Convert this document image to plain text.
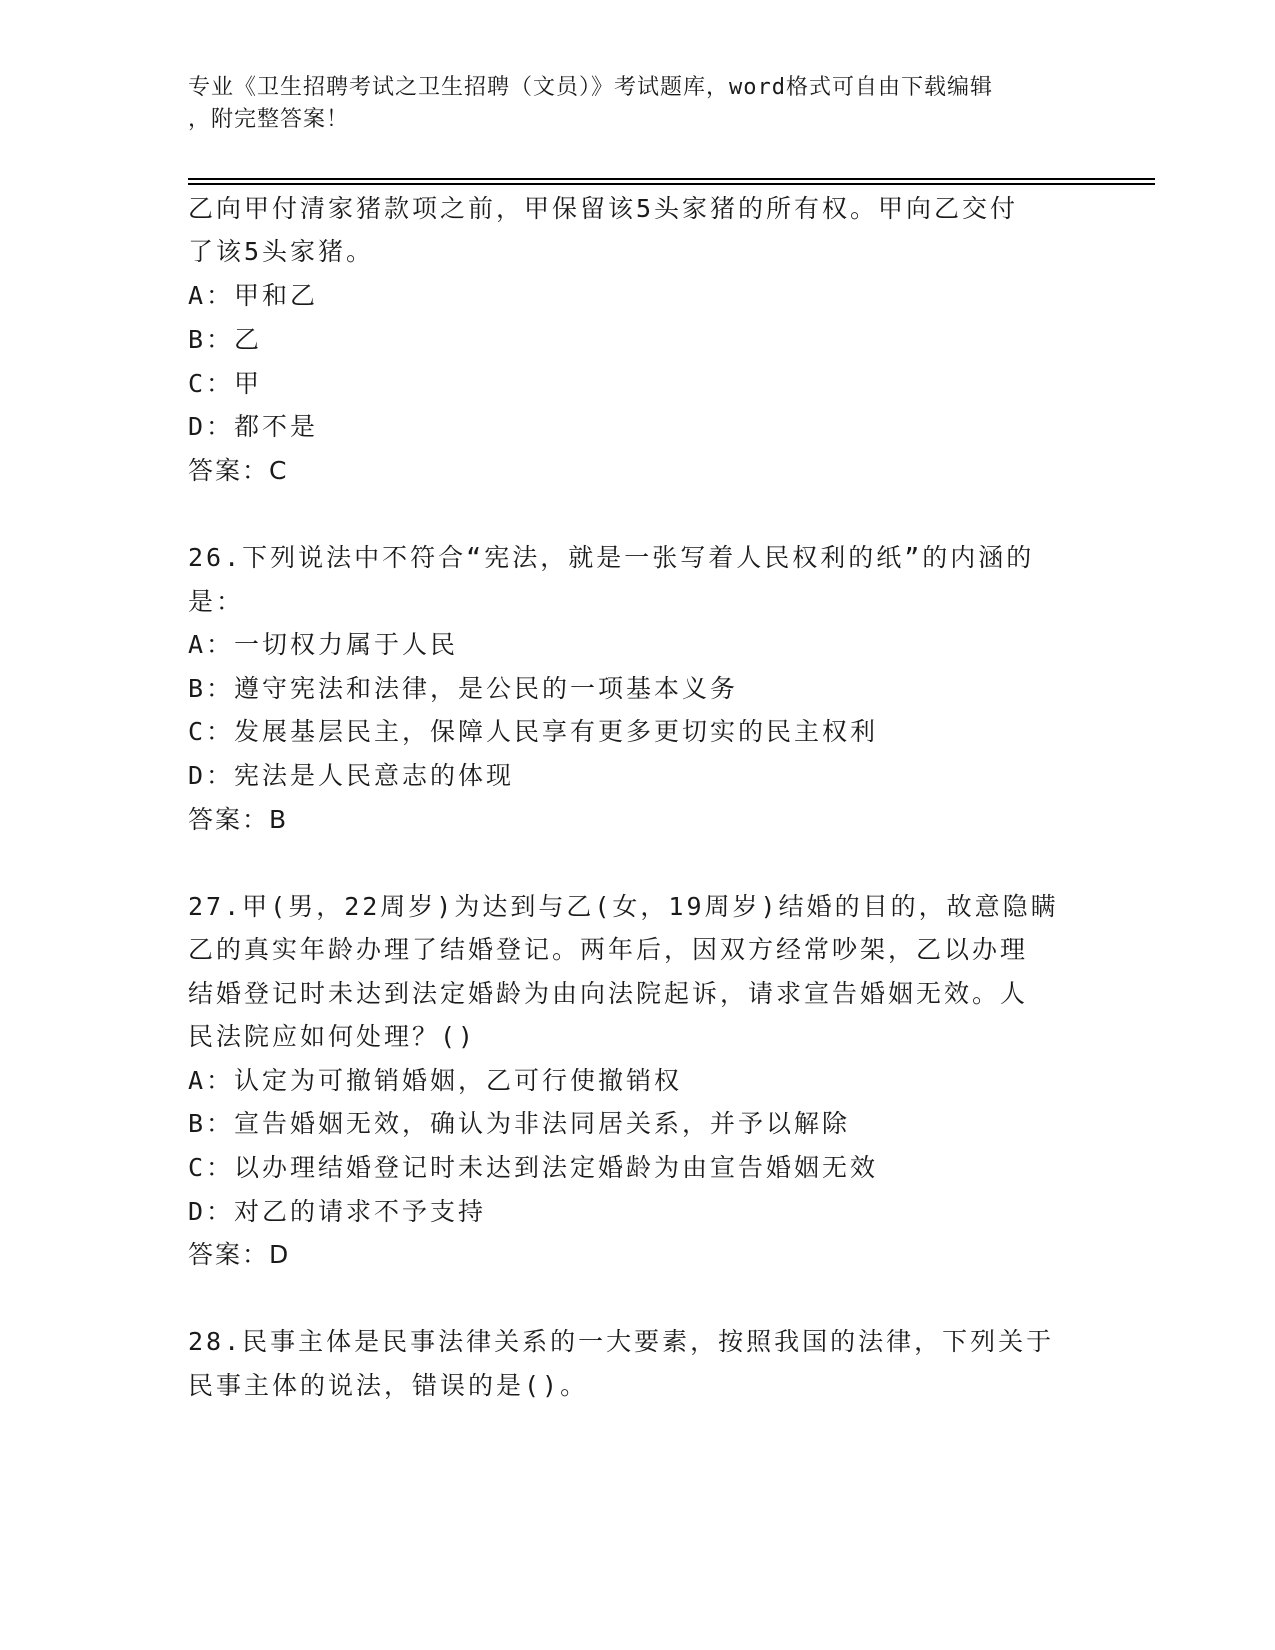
专业《卫生招聘考试之卫生招聘（文员）》考试题库，word格式可自由下载编辑
，附完整答案！
乙向甲付清家猪款项之前，甲保留该5头家猪的所有权。甲向乙交付
了该5头家猪。
A：甲和乙
B：乙
C：甲
D：都不是
答案：C
26.下列说法中不符合“宪法，就是一张写着人民权利的纸”的内涵的
是：
A：一切权力属于人民
B：遵守宪法和法律，是公民的一项基本义务
C：发展基层民主，保障人民享有更多更切实的民主权利
D：宪法是人民意志的体现
答案：B
27.甲(男，22周岁)为达到与乙(女，19周岁)结婚的目的，故意隐瞒
乙的真实年龄办理了结婚登记。两年后，因双方经常吵架，乙以办理
结婚登记时未达到法定婚龄为由向法院起诉，请求宣告婚姻无效。人
民法院应如何处理？()
A：认定为可撤销婚姻，乙可行使撤销权
B：宣告婚姻无效，确认为非法同居关系，并予以解除
C：以办理结婚登记时未达到法定婚龄为由宣告婚姻无效
D：对乙的请求不予支持
答案：D
28.民事主体是民事法律关系的一大要素，按照我国的法律，下列关于
民事主体的说法，错误的是()。
